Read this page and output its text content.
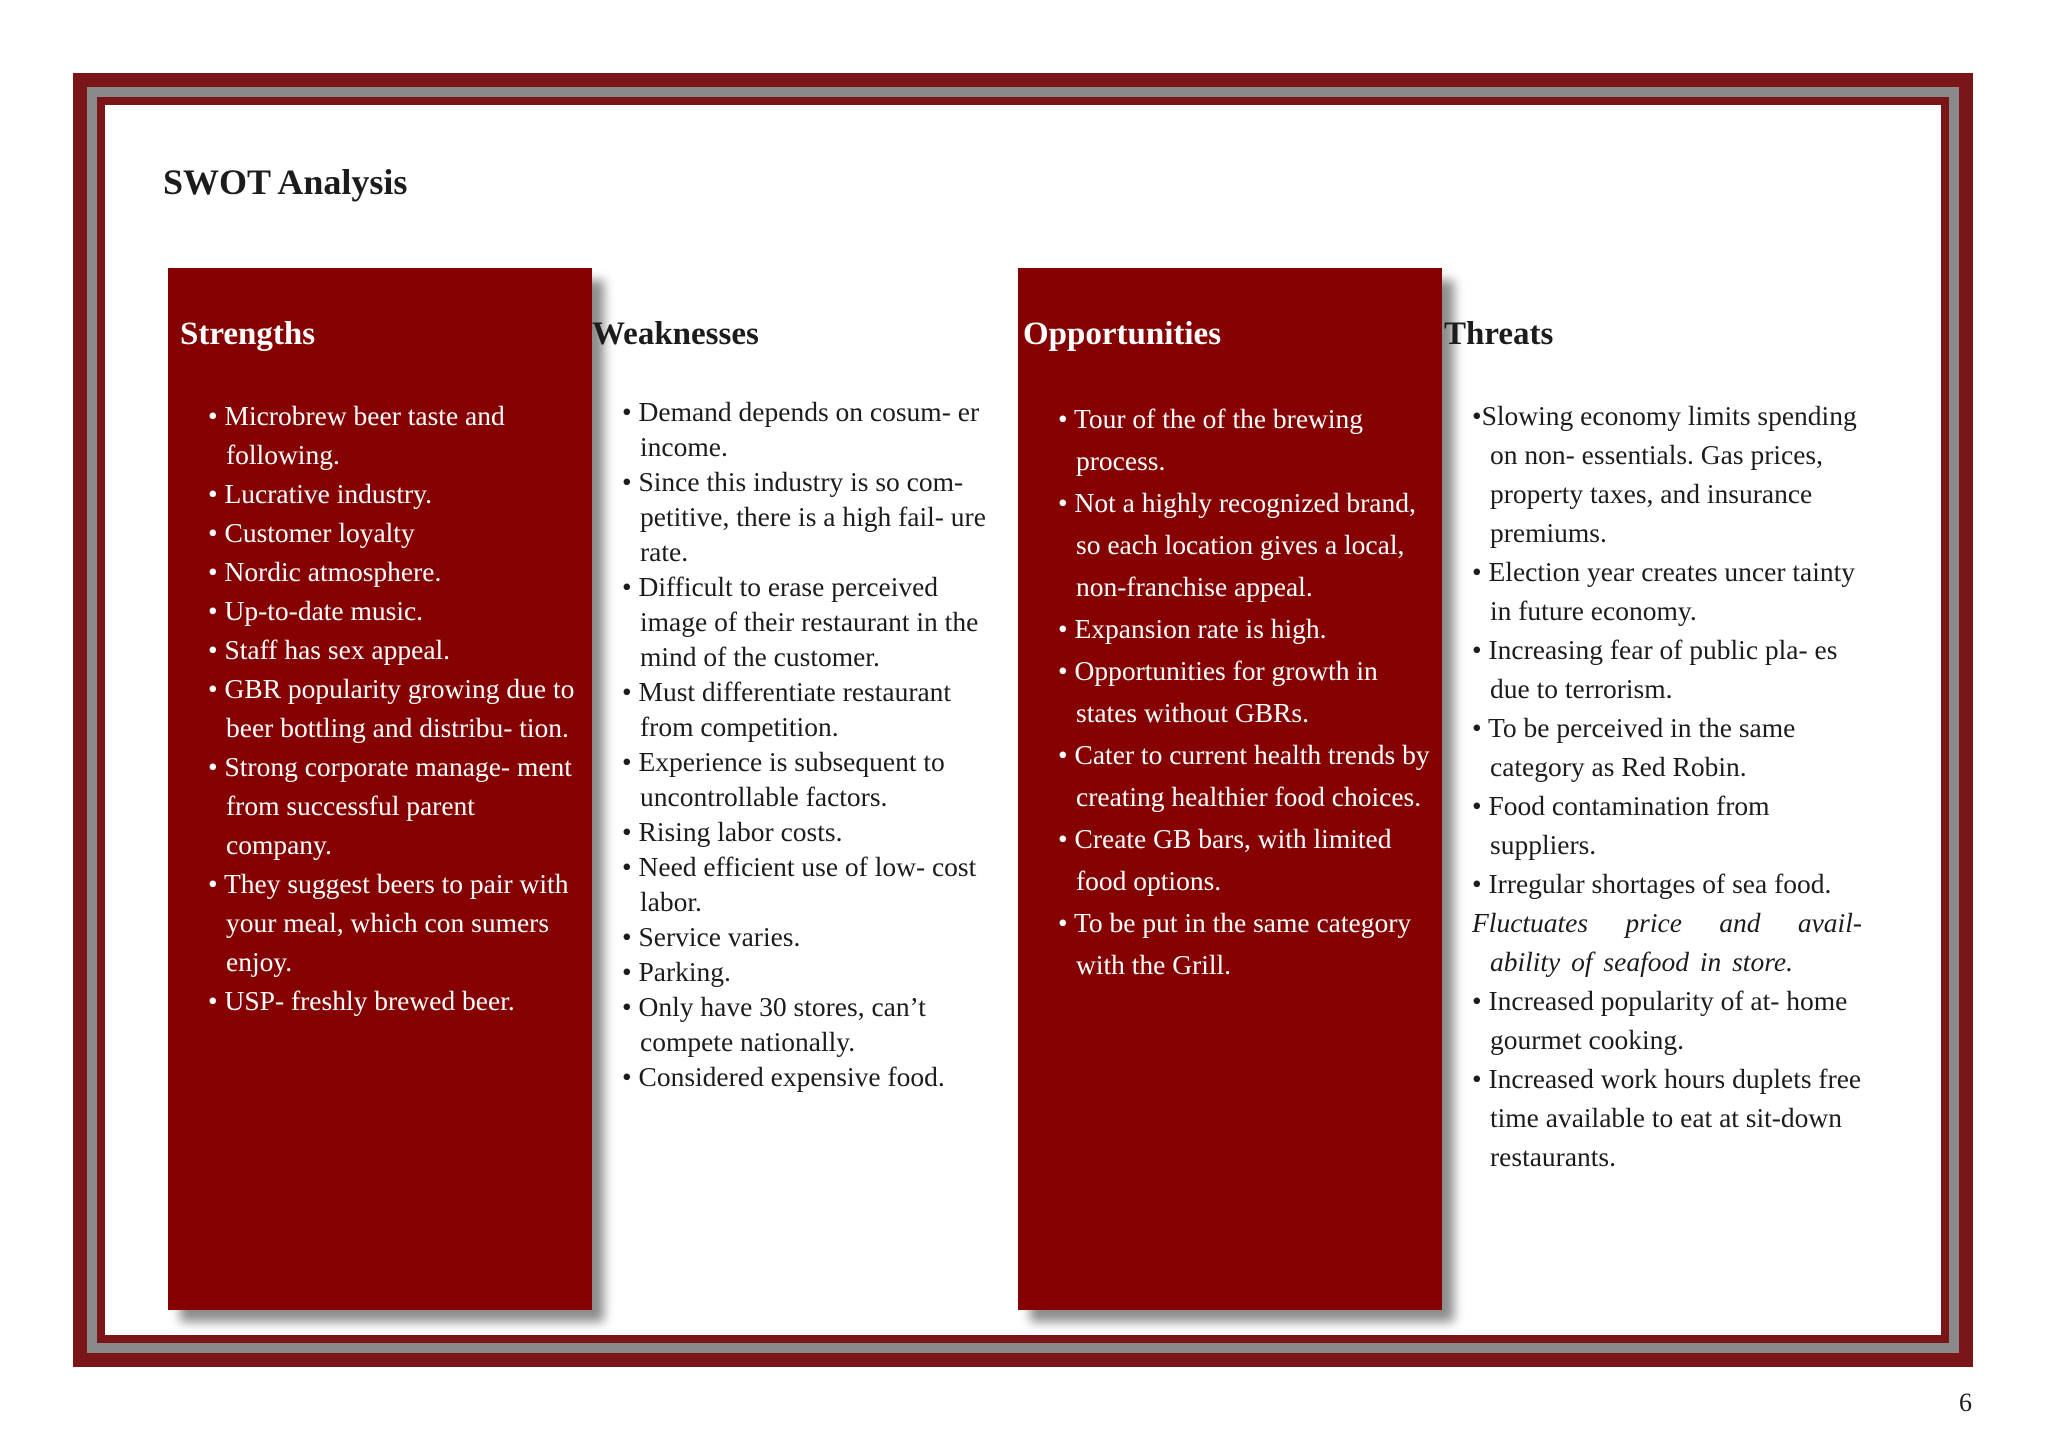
SWOT Analysis
Strengths
• Microbrew beer taste and following.
• Lucrative industry.
• Customer loyalty
• Nordic atmosphere.
• Up-to-date music.
• Staff has sex appeal.
• GBR popularity growing due to beer bottling and distribu- tion.
• Strong corporate manage- ment from successful parent company.
• They suggest beers to pair with your meal, which con sumers enjoy.
• USP- freshly brewed beer.
Weaknesses
• Demand depends on cosum- er income.
• Since this industry is so com- petitive, there is a high fail- ure rate.
• Difficult to erase perceived image of their restaurant in the mind of the customer.
• Must differentiate restaurant from competition.
• Experience is subsequent to uncontrollable factors.
• Rising labor costs.
• Need efficient use of low- cost labor.
• Service varies.
• Parking.
• Only have 30 stores, can’t compete nationally.
• Considered expensive food.
Opportunities
• Tour of the of the brewing process.
• Not a highly recognized brand, so each location gives a local, non-franchise appeal.
• Expansion rate is high.
• Opportunities for growth in states without GBRs.
• Cater to current health trends by creating healthier food choices.
• Create GB bars, with limited food options.
• To be put in the same category with the Grill.
Threats
•Slowing economy limits spending on non- essentials. Gas prices, property taxes, and insurance premiums.
• Election year creates uncer tainty in future economy.
• Increasing fear of public pla- es due to terrorism.
• To be perceived in the same category as Red Robin.
• Food contamination from suppliers.
• Irregular shortages of sea food.
Fluctuates price and avail- ability of seafood in store.
• Increased popularity of at- home gourmet cooking.
• Increased work hours duplets free time available to eat at sit-down restaurants.
6
